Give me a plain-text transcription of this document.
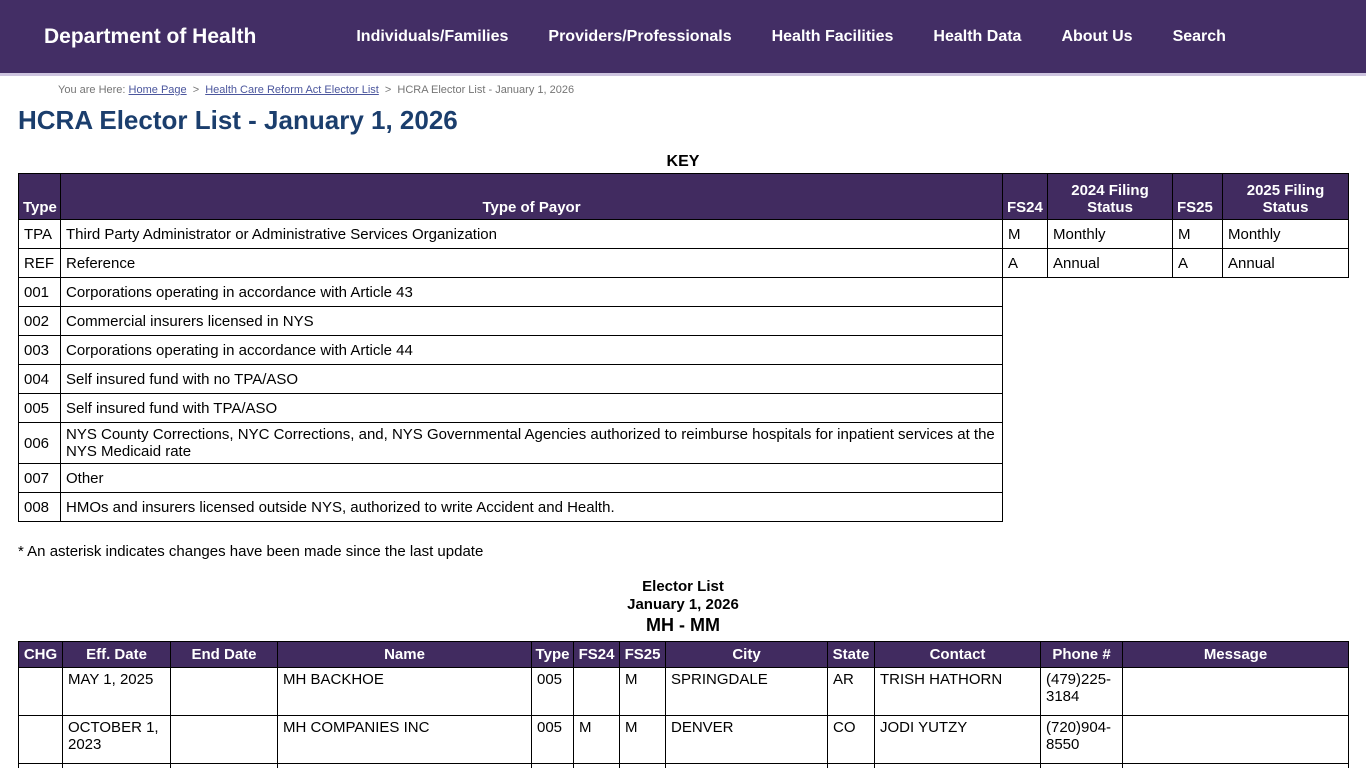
Department of Health	Individuals/Families	Providers/Professionals	Health Facilities	Health Data	About Us	Search
You are Here: Home Page > Health Care Reform Act Elector List > HCRA Elector List - January 1, 2026
HCRA Elector List - January 1, 2026
KEY
Type	Type of Payor	FS24	2024 Filing Status	FS25	2025 Filing Status
TPA	Third Party Administrator or Administrative Services Organization	M	Monthly	M	Monthly
REF	Reference	A	Annual	A	Annual
001	Corporations operating in accordance with Article 43				
002	Commercial insurers licensed in NYS				
003	Corporations operating in accordance with Article 44				
004	Self insured fund with no TPA/ASO				
005	Self insured fund with TPA/ASO				
006	NYS County Corrections, NYC Corrections, and, NYS Governmental Agencies authorized to reimburse hospitals for inpatient services at the NYS Medicaid rate				
007	Other				
008	HMOs and insurers licensed outside NYS, authorized to write Accident and Health.				
* An asterisk indicates changes have been made since the last update
Elector List
January 1, 2026
MH - MM
CHG	Eff. Date	End Date	Name	Type	FS24	FS25	City	State	Contact	Phone #	Message
	MAY 1, 2025		MH BACKHOE	005		M	SPRINGDALE	AR	TRISH HATHORN	(479)225-3184	
	OCTOBER 1, 2023		MH COMPANIES INC	005	M	M	DENVER	CO	JODI YUTZY	(720)904-8550	
